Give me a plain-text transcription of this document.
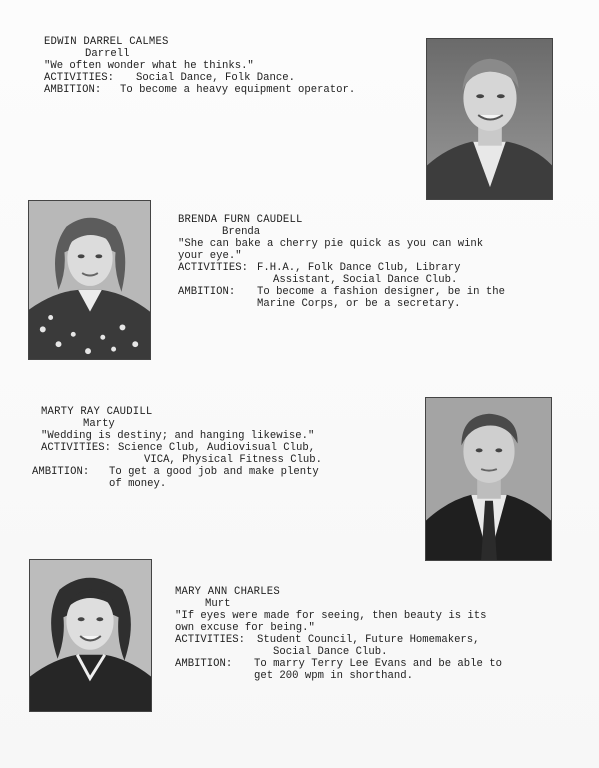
EDWIN DARREL CALMES
Darrell
"We often wonder what he thinks."
ACTIVITIES:	Social Dance, Folk Dance.
AMBITION:	To become a heavy equipment operator.
BRENDA FURN CAUDELL
Brenda
"She can bake a cherry pie quick as you can wink
your eye."
ACTIVITIES: F.H.A., Folk Dance Club, Library
Assistant, Social Dance Club.
AMBITION:	To become a fashion designer, be in the
Marine Corps, or be a secretary.
MARTY RAY CAUDILL
Marty
"Wedding is destiny; and hanging likewise."
ACTIVITIES: Science Club, Audiovisual Club,
VICA, Physical Fitness Club.
AMBITION:	To get a good job and make plenty
of money.
MARY ANN CHARLES
Murt
"If eyes were made for seeing, then beauty is its
own excuse for being."
ACTIVITIES:	Student Council, Future Homemakers,
Social Dance Club.
AMBITION:	To marry Terry Lee Evans and be able to
get 200 wpm in shorthand.
